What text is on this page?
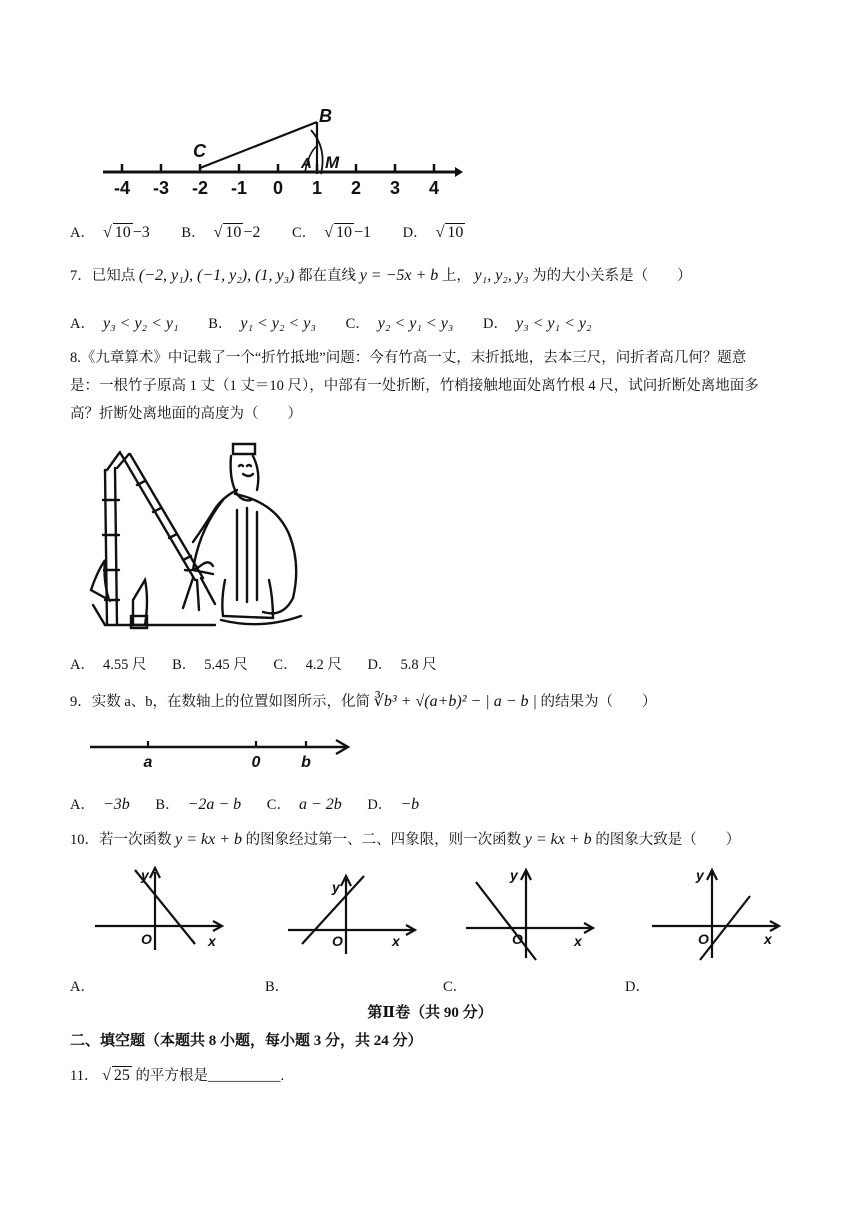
C
B
A M
-4 -3 -2 -1 0 1 2 3 4
A． √ 10 −3 B． √ 10 −2 C． √ 10 −1 D． √ 10
7．已知点 (−2, y₁), (−1, y₂), (1, y₃) 都在直线 y = −5x + b 上， y₁, y₂, y₃ 为的大小关系是（　　）
A． y₃ < y₂ < y₁ B． y₁ < y₂ < y₃ C． y₂ < y₁ < y₃ D． y₃ < y₁ < y₂
8.《九章算术》中记载了一个“折竹抵地”问题：今有竹高一丈，末折抵地，去本三尺，问折者高几何？题意
是：一根竹子原高 1 丈（1 丈＝10 尺），中部有一处折断，竹梢接触地面处离竹根 4 尺，试问折断处离地面多
高？折断处离地面的高度为（　　）
A． 4.55 尺 B． 5.45 尺 C． 4.2 尺 D． 5.8 尺
9．实数 a、b，在数轴上的位置如图所示，化简 ∛b³ + √(a+b)² − | a − b | 的结果为（　　）
a	0	b
A． −3b B． −2a − b C． a − 2b D． −b
10．若一次函数 y = kx + b 的图象经过第一、二、四象限，则一次函数 y = kx + b 的图象大致是（　　）
y
O	x
y
O	x
y
O	x
y
O	x
A．	B．	C．	D．
第Ⅱ卷（共 90 分）
二、填空题（本题共 8 小题，每小题 3 分，共 24 分）
11． √ 25 的平方根是__________.
